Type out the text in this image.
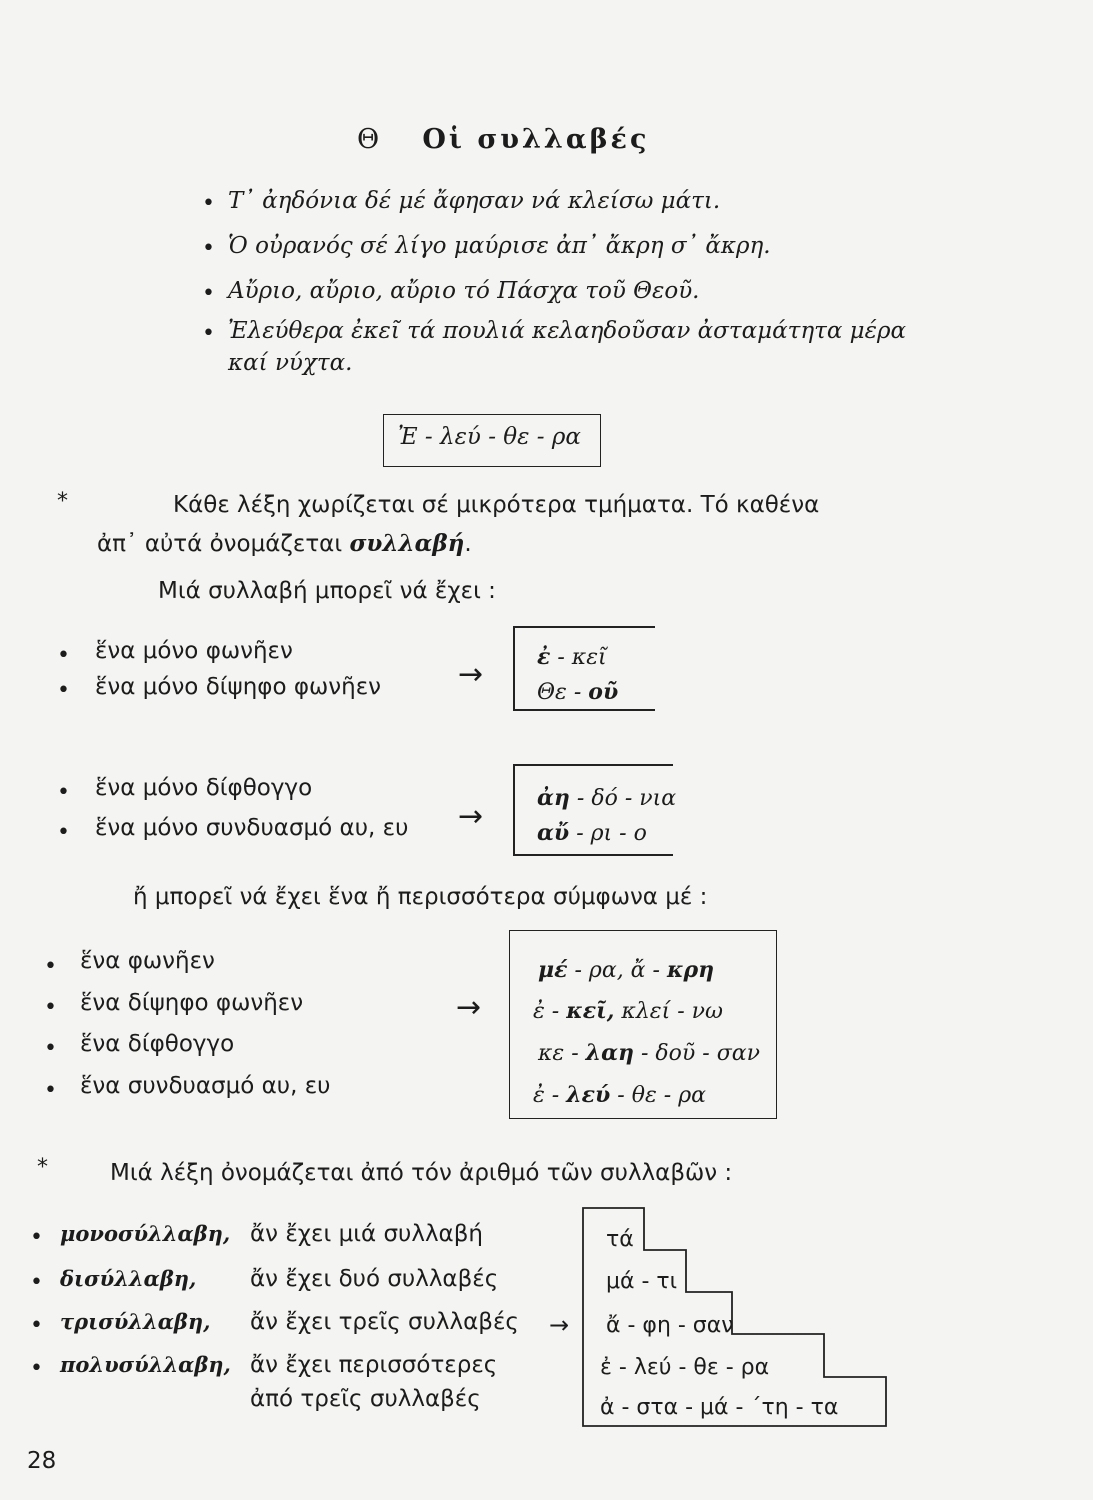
Θ Οἱ συλλαβές
• Τ᾽ ἀηδόνια δέ μέ ἄφησαν νά κλείσω μάτι.
• Ὁ οὐρανός σέ λίγο μαύρισε ἀπ᾽ ἄκρη σ᾽ ἄκρη.
• Αὔριο, αὔριο, αὔριο τό Πάσχα τοῦ Θεοῦ.
• Ἐλεύθερα ἐκεῖ τά πουλιά κελαηδοῦσαν ἀσταμάτητα μέρα
καί νύχτα.
Ἐ - λεύ - θε - ρα
*	Κάθε λέξη χωρίζεται σέ μικρότερα τμήματα. Τό καθένα
ἀπ᾽ αὐτά ὀνομάζεται συλλαβή.
Μιά συλλαβή μπορεῖ νά ἔχει :
• ἕνα μόνο φωνῆεν
• ἕνα μόνο δίψηφο φωνῆεν	→ ἐ - κεῖ
Θε - οῦ
• ἕνα μόνο δίφθογγο
• ἕνα μόνο συνδυασμό αυ, ευ →
ἀη - δό - νια
αὔ - ρι - ο
ἤ μπορεῖ νά ἔχει ἕνα ἤ περισσότερα σύμφωνα μέ :
• ἕνα φωνῆεν
• ἕνα δίψηφο φωνῆεν
• ἕνα δίφθογγο
• ἕνα συνδυασμό αυ, ευ
→
μέ - ρα, ἄ - κρη
ἐ - κεῖ, κλεί - νω
κε - λαη - δοῦ - σαν
ἐ - λεύ - θε - ρα
*	Μιά λέξη ὀνομάζεται ἀπό τόν ἀριθμό τῶν συλλαβῶν :
• μονοσύλλαβη, ἄν ἔχει μιά συλλαβή
• δισύλλαβη, ἄν ἔχει δυό συλλαβές
• τρισύλλαβη, ἄν ἔχει τρεῖς συλλαβές →
• πολυσύλλαβη, ἄν ἔχει περισσότερες
ἀπό τρεῖς συλλαβές
τά
μά - τι
ἄ - φη - σαν
ἐ - λεύ - θε - ρα
ἀ - στα - μά - ΄τη - τα
28
